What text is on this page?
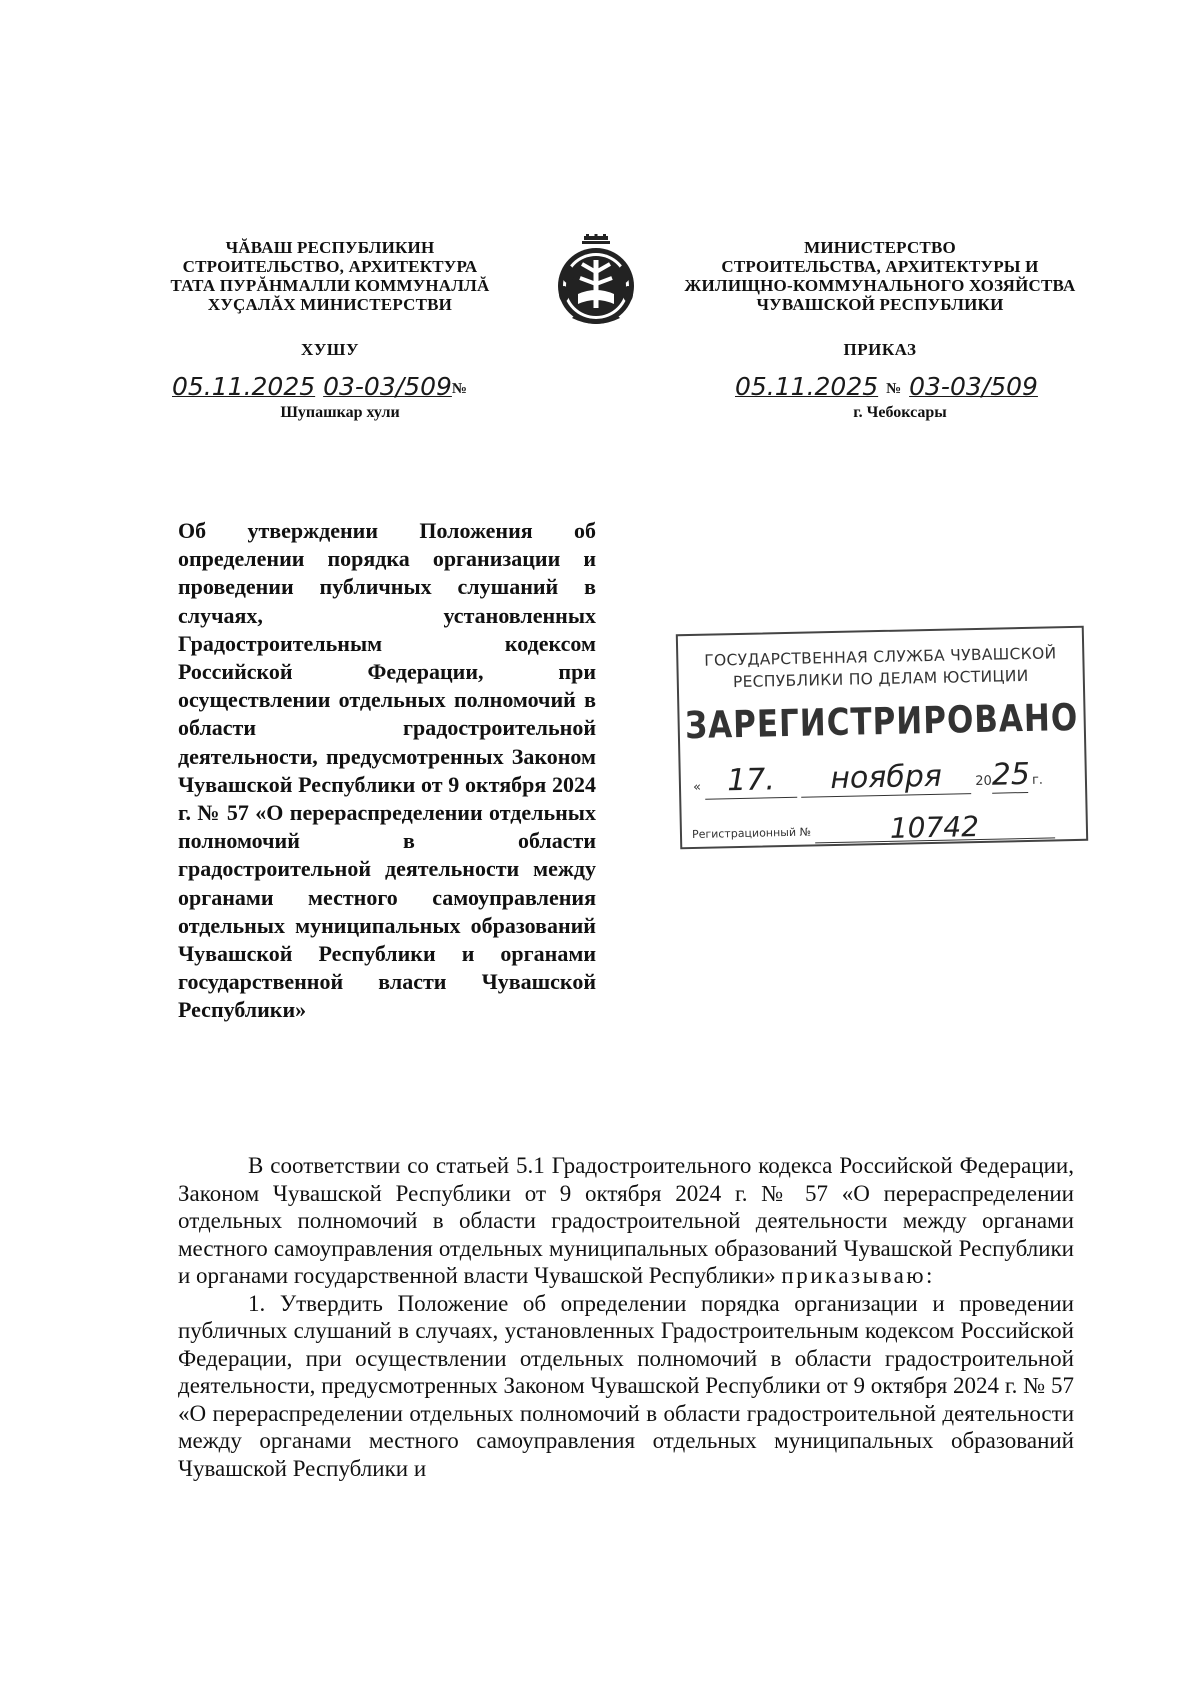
ЧĂВАШ РЕСПУБЛИКИН
СТРОИТЕЛЬСТВО, АРХИТЕКТУРА
ТАТА ПУРĂНМАЛЛИ КОММУНАЛЛĂ
ХУҪАЛĂХ МИНИСТЕРСТВИ
МИНИСТЕРСТВО
СТРОИТЕЛЬСТВА, АРХИТЕКТУРЫ И
ЖИЛИЩНО-КОММУНАЛЬНОГО ХОЗЯЙСТВА
ЧУВАШСКОЙ РЕСПУБЛИКИ
ХУШУ	ПРИКАЗ
05.11.2025 03-03/509№	05.11.2025 № 03-03/509
Шупашкар хули	г. Чебоксары
Об утверждении Положения об определении порядка организации и проведении публичных слушаний в случаях, установленных Градостроительным кодексом Российской Федерации, при осуществлении отдельных полномочий в области градостроительной деятельности, предусмотренных Законом Чувашской Республики от 9 октября 2024 г. № 57 «О перераспределении отдельных полномочий в области градостроительной деятельности между органами местного самоуправления отдельных муниципальных образований Чувашской Республики и органами государственной власти Чувашской Республики»
ГОСУДАРСТВЕННАЯ СЛУЖБА ЧУВАШСКОЙ
РЕСПУБЛИКИ ПО ДЕЛАМ ЮСТИЦИИ
ЗАРЕГИСТРИРОВАНО
« 17. ноября	2025 г.
Регистрационный №	10742

В соответствии со статьей 5.1 Градостроительного кодекса Российской Федерации, Законом Чувашской Республики от 9 октября 2024 г. № 57 «О перераспределении отдельных полномочий в области градостроительной деятельности между органами местного самоуправления отдельных муниципальных образований Чувашской Республики и органами государственной власти Чувашской Республики» приказываю:

1. Утвердить Положение об определении порядка организации и проведении публичных слушаний в случаях, установленных Градостроительным кодексом Российской Федерации, при осуществлении отдельных полномочий в области градостроительной деятельности, предусмотренных Законом Чувашской Республики от 9 октября 2024 г. № 57 «О перераспределении отдельных полномочий в области градостроительной деятельности между органами местного самоуправления отдельных муниципальных образований Чувашской Республики и
